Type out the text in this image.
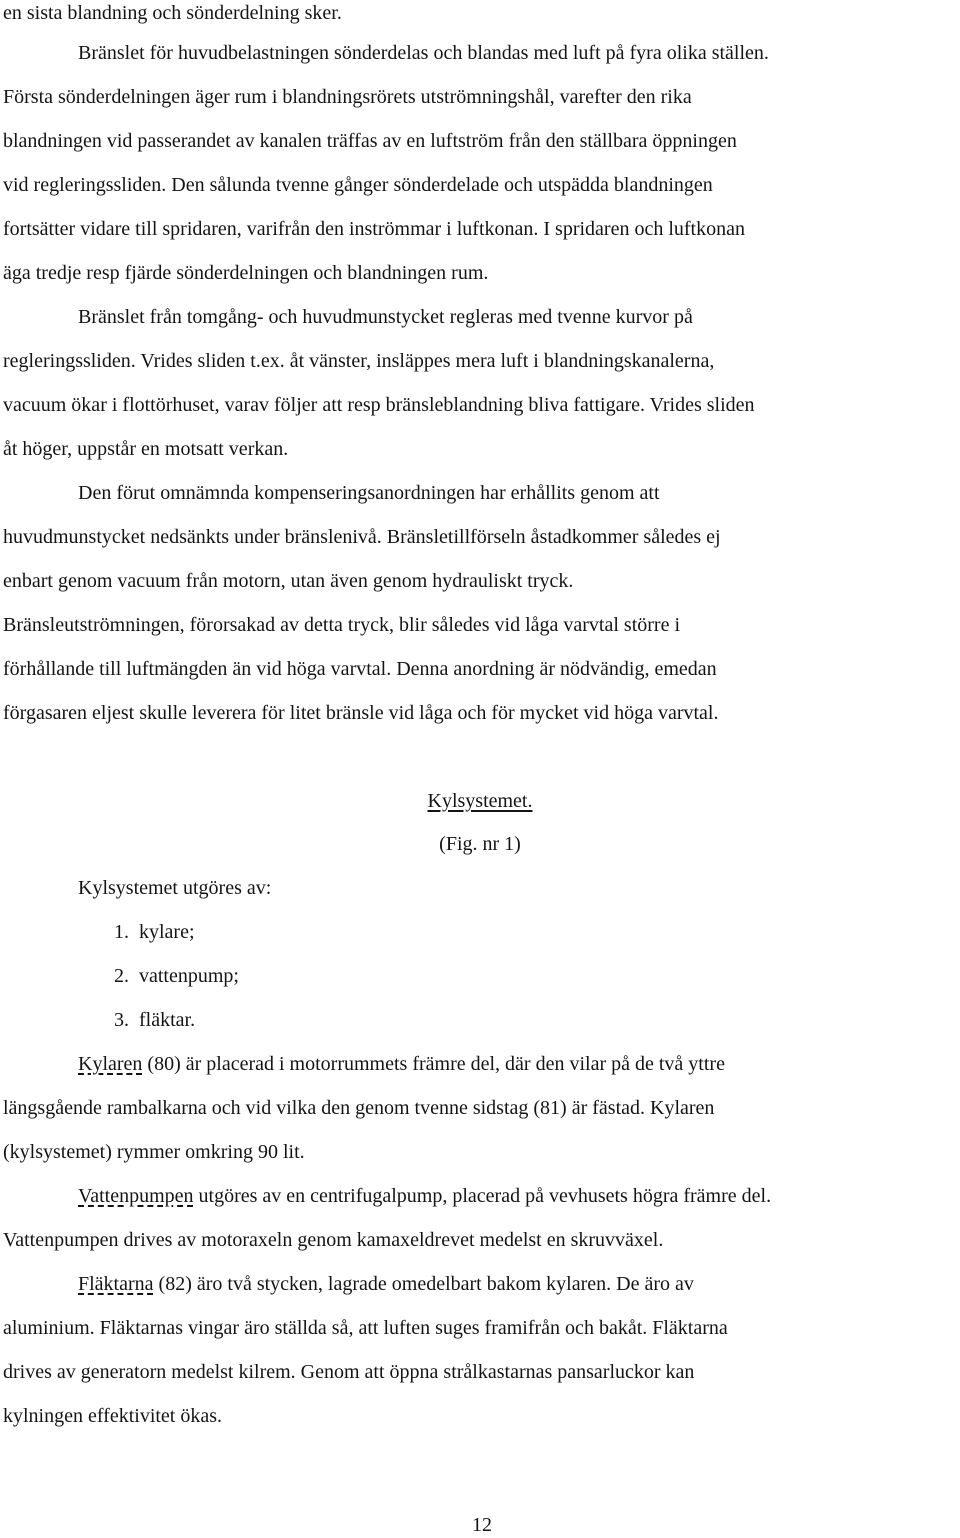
en sista blandning och sönderdelning sker.
Bränslet för huvudbelastningen sönderdelas och blandas med luft på fyra olika ställen.
Första sönderdelningen äger rum i blandningsrörets utströmningshål, varefter den rika
blandningen vid passerandet av kanalen träffas av en luftström från den ställbara öppningen
vid regleringssliden. Den sålunda tvenne gånger sönderdelade och utspädda blandningen
fortsätter vidare till spridaren, varifrån den inströmmar i luftkonan. I spridaren och luftkonan
äga tredje resp fjärde sönderdelningen och blandningen rum.
Bränslet från tomgång- och huvudmunstycket regleras med tvenne kurvor på
regleringssliden. Vrides sliden t.ex. åt vänster, insläppes mera luft i blandningskanalerna,
vacuum ökar i flottörhuset, varav följer att resp bränsleblandning bliva fattigare. Vrides sliden
åt höger, uppstår en motsatt verkan.
Den förut omnämnda kompenseringsanordningen har erhållits genom att
huvudmunstycket nedsänkts under bränslenivå. Bränsletillförseln åstadkommer således ej
enbart genom vacuum från motorn, utan även genom hydrauliskt tryck.
Bränsleutströmningen, förorsakad av detta tryck, blir således vid låga varvtal större i
förhållande till luftmängden än vid höga varvtal. Denna anordning är nödvändig, emedan
förgasaren eljest skulle leverera för litet bränsle vid låga och för mycket vid höga varvtal.
Kylsystemet.
(Fig. nr 1)
Kylsystemet utgöres av:
1. kylare;
2. vattenpump;
3. fläktar.
Kylaren (80) är placerad i motorrummets främre del, där den vilar på de två yttre
längsgående rambalkarna och vid vilka den genom tvenne sidstag (81) är fästad. Kylaren
(kylsystemet) rymmer omkring 90 lit.
Vattenpumpen utgöres av en centrifugalpump, placerad på vevhusets högra främre del.
Vattenpumpen drives av motoraxeln genom kamaxeldrevet medelst en skruvväxel.
Fläktarna (82) äro två stycken, lagrade omedelbart bakom kylaren. De äro av
aluminium. Fläktarnas vingar äro ställda så, att luften suges framifrån och bakåt. Fläktarna
drives av generatorn medelst kilrem. Genom att öppna strålkastarnas pansarluckor kan
kylningen effektivitet ökas.
12
